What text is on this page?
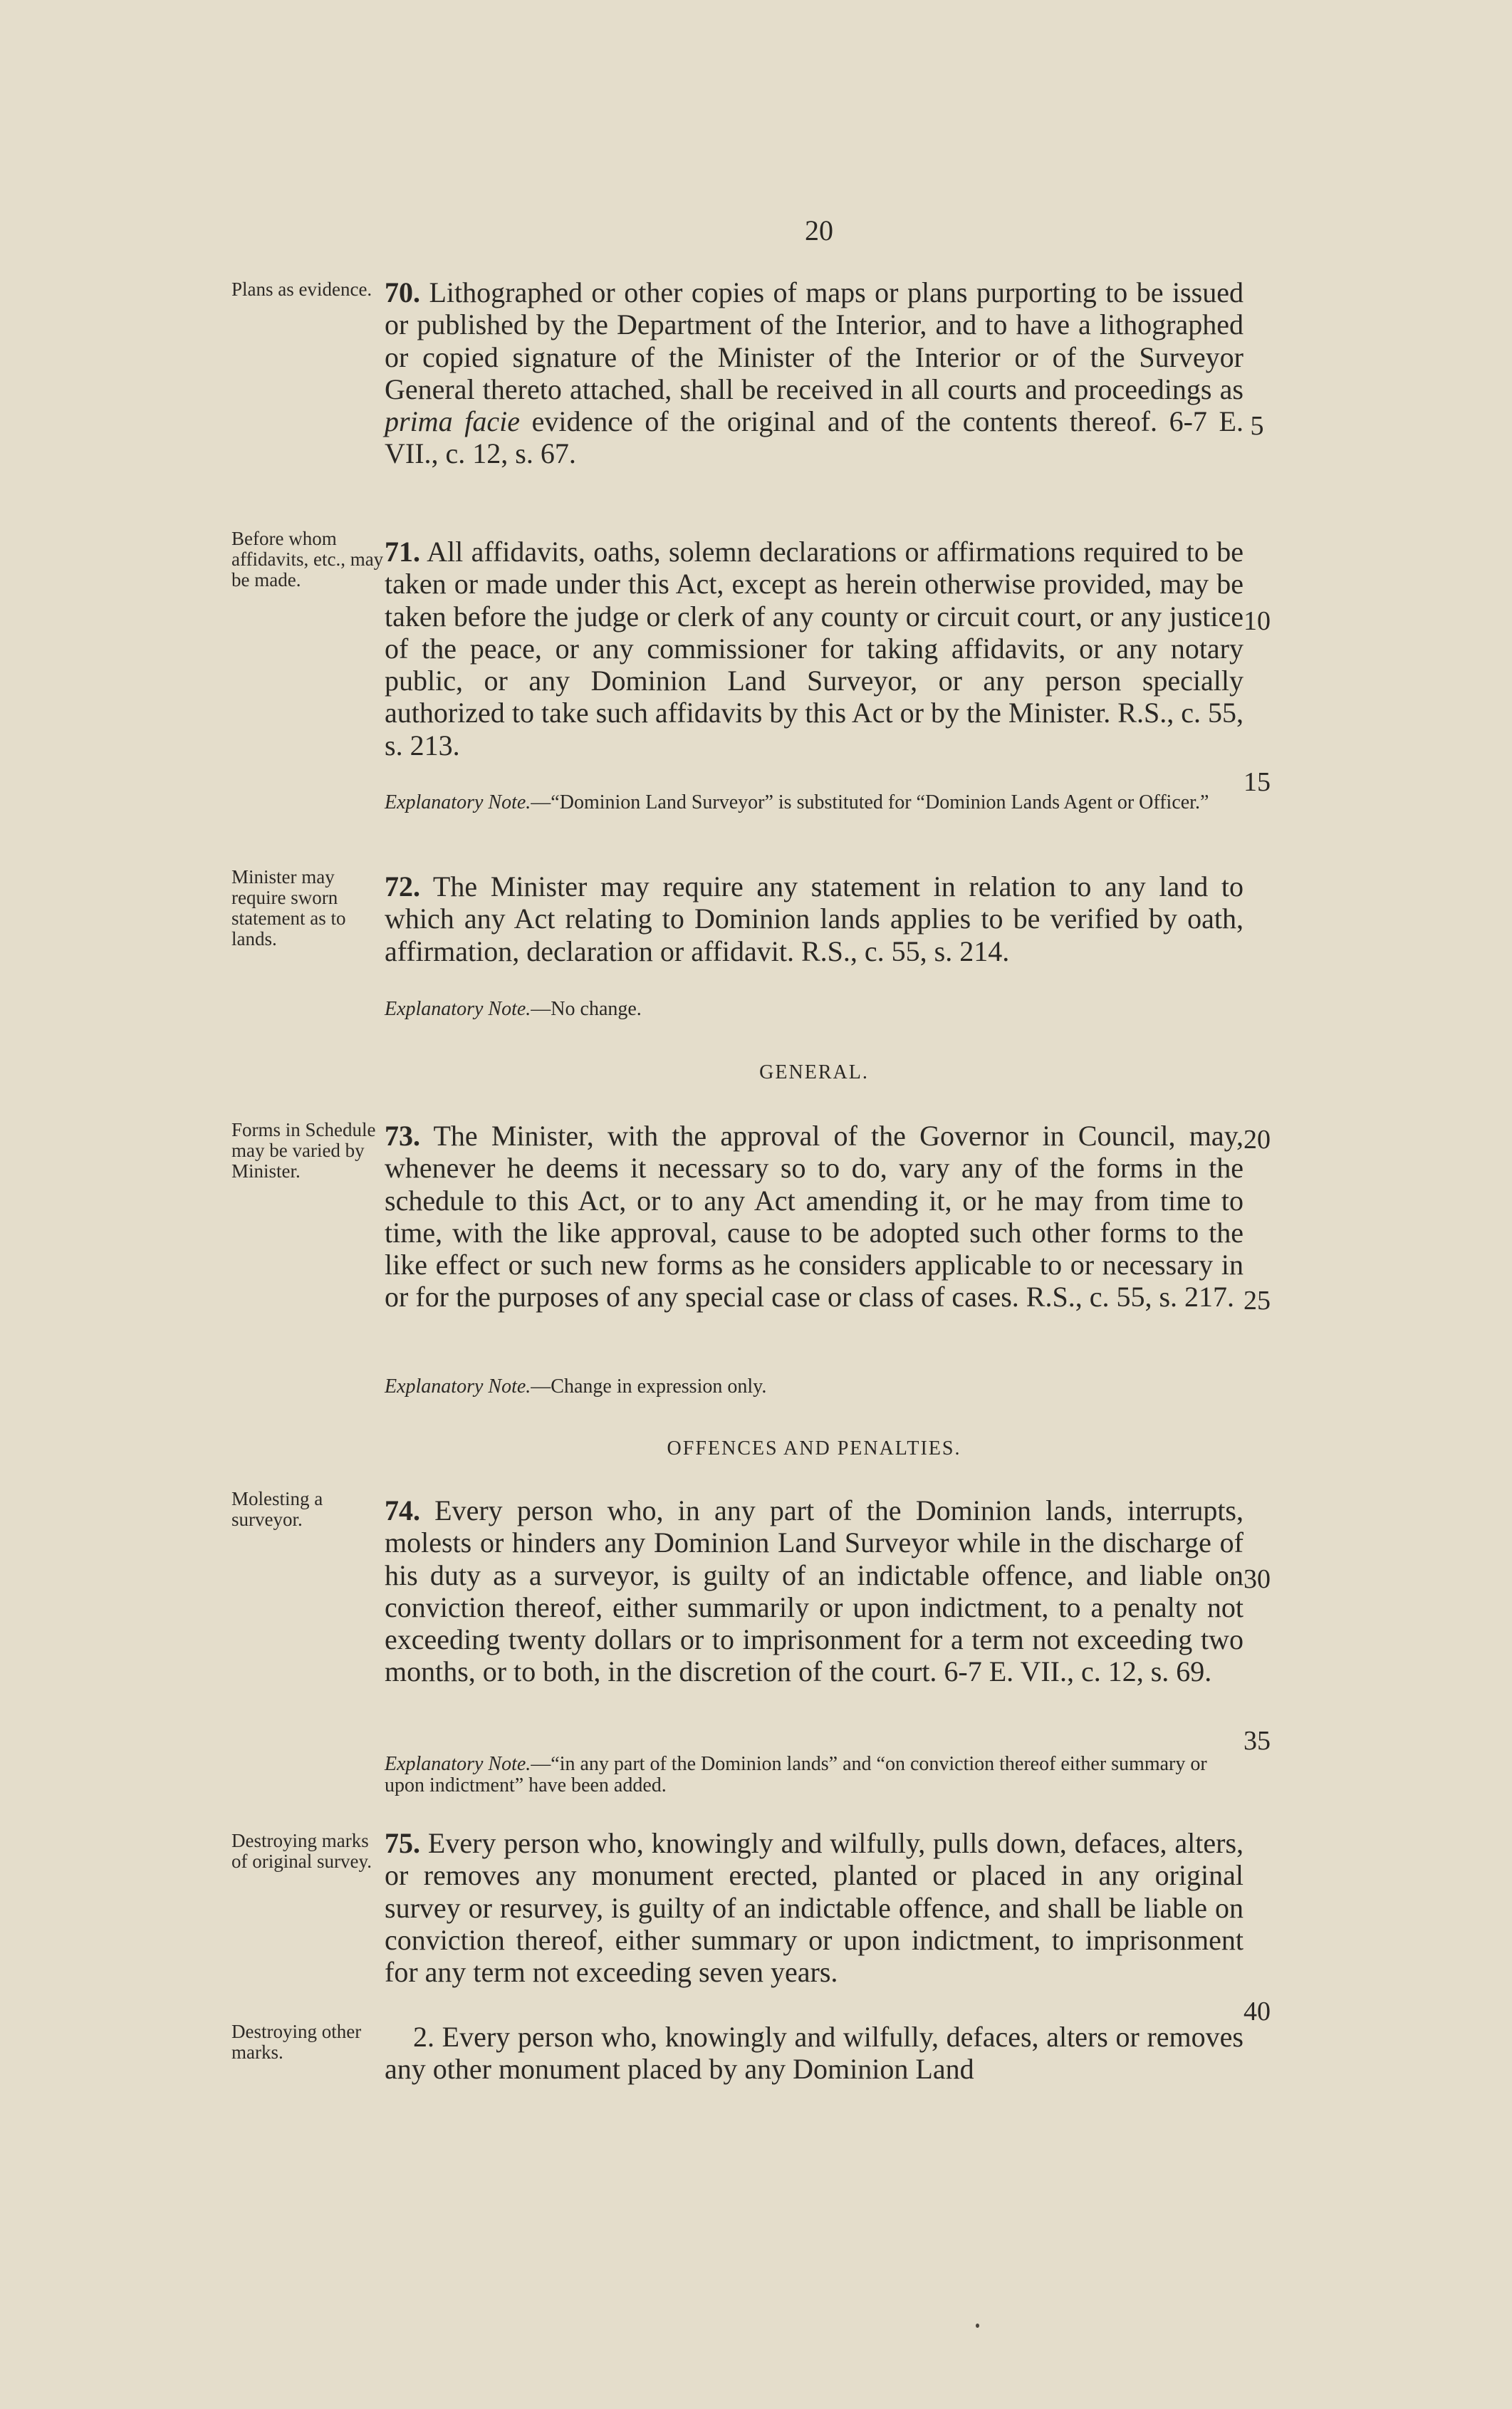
20
Plans as evidence. 70. Lithographed or other copies of maps or plans purporting to be issued or published by the Department of the Interior, and to have a lithographed or copied signature of the Minister of the Interior or of the Surveyor General thereto attached, shall be received in all courts and proceedings as prima facie evidence of the original and of the contents thereof. 6-7 E. VII., c. 12, s. 67.
Before whom affidavits, etc., may be made.
71. All affidavits, oaths, solemn declarations or affirmations required to be taken or made under this Act, except as herein otherwise provided, may be taken before the judge or clerk of any county or circuit court, or any justice of the peace, or any commissioner for taking affidavits, or any notary public, or any Dominion Land Surveyor, or any person specially authorized to take such affidavits by this Act or by the Minister. R.S., c. 55, s. 213.
Explanatory Note.—“Dominion Land Surveyor” is substituted for “Dominion Lands Agent or Officer.”
Minister may require sworn statement as to lands.
72. The Minister may require any statement in relation to any land to which any Act relating to Dominion lands applies to be verified by oath, affirmation, declaration or affidavit. R.S., c. 55, s. 214.
Explanatory Note.—No change.
GENERAL.
Forms in Schedule may be varied by Minister.
73. The Minister, with the approval of the Governor in Council, may, whenever he deems it necessary so to do, vary any of the forms in the schedule to this Act, or to any Act amending it, or he may from time to time, with the like approval, cause to be adopted such other forms to the like effect or such new forms as he considers applicable to or necessary in or for the purposes of any special case or class of cases. R.S., c. 55, s. 217.
Explanatory Note.—Change in expression only.
OFFENCES AND PENALTIES.
Molesting a surveyor.	74. Every person who, in any part of the Dominion lands, interrupts, molests or hinders any Dominion Land Surveyor while in the discharge of his duty as a surveyor, is guilty of an indictable offence, and liable on conviction thereof, either summarily or upon indictment, to a penalty not exceeding twenty dollars or to imprisonment for a term not exceeding two months, or to both, in the discretion of the court. 6-7 E. VII., c. 12, s. 69.
Explanatory Note.—“in any part of the Dominion lands” and “on conviction thereof either summary or upon indictment” have been added.
Destroying marks of original survey.
75. Every person who, knowingly and wilfully, pulls down, defaces, alters, or removes any monument erected, planted or placed in any original survey or resurvey, is guilty of an indictable offence, and shall be liable on conviction thereof, either summary or upon indictment, to imprisonment for any term not exceeding seven years.
Destroying other marks.	2. Every person who, knowingly and wilfully, defaces, alters or removes any other monument placed by any Dominion Land
5
10
15
20
25
30
35
40
